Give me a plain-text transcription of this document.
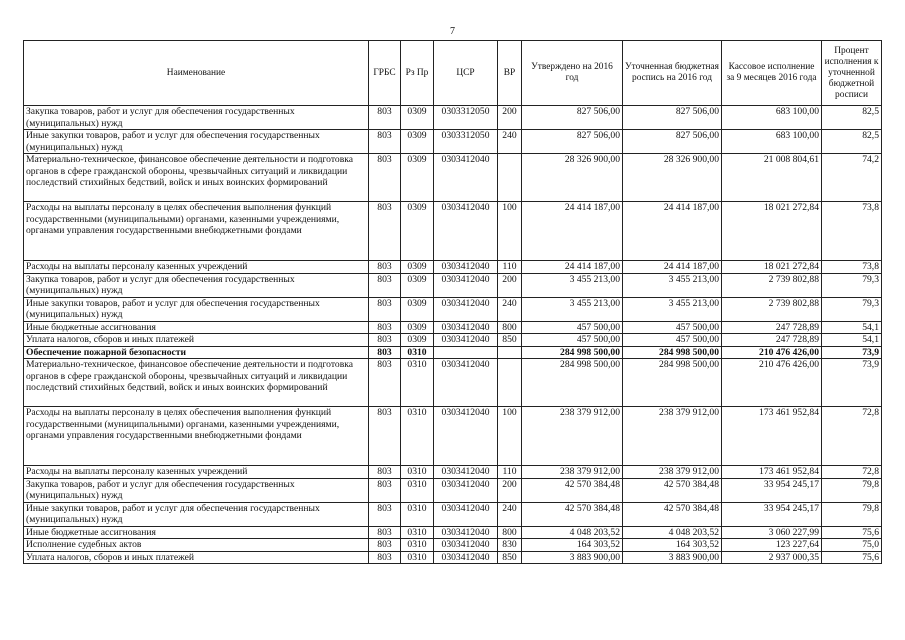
7
Наименование	ГРБС	Рз Пр	ЦСР	ВР	Утверждено на 2016 год	Уточненная бюджетная роспись на 2016 год	Кассовое исполнение за 9 месяцев 2016 года	Процент исполнения к уточненной бюджетной росписи
Закупка товаров, работ и услуг для обеспечения государственных (муниципальных) нужд	803	0309	0303312050	200	827 506,00	827 506,00	683 100,00	82,5
Иные закупки товаров, работ и услуг для обеспечения государственных (муниципальных) нужд	803	0309	0303312050	240	827 506,00	827 506,00	683 100,00	82,5
Материально-техническое, финансовое обеспечение деятельности и подготовка органов в сфере гражданской обороны, чрезвычайных ситуаций и ликвидации последствий стихийных бедствий, войск и иных воинских формирований	803	0309	0303412040		28 326 900,00	28 326 900,00	21 008 804,61	74,2
Расходы на выплаты персоналу в целях обеспечения выполнения функций государственными (муниципальными) органами, казенными учреждениями, органами управления государственными внебюджетными фондами	803	0309	0303412040	100	24 414 187,00	24 414 187,00	18 021 272,84	73,8
Расходы на выплаты персоналу казенных учреждений	803	0309	0303412040	110	24 414 187,00	24 414 187,00	18 021 272,84	73,8
Закупка товаров, работ и услуг для обеспечения государственных (муниципальных) нужд	803	0309	0303412040	200	3 455 213,00	3 455 213,00	2 739 802,88	79,3
Иные закупки товаров, работ и услуг для обеспечения государственных (муниципальных) нужд	803	0309	0303412040	240	3 455 213,00	3 455 213,00	2 739 802,88	79,3
Иные бюджетные ассигнования	803	0309	0303412040	800	457 500,00	457 500,00	247 728,89	54,1
Уплата налогов, сборов и иных платежей	803	0309	0303412040	850	457 500,00	457 500,00	247 728,89	54,1
Обеспечение пожарной безопасности	803	0310			284 998 500,00	284 998 500,00	210 476 426,00	73,9
Материально-техническое, финансовое обеспечение деятельности и подготовка органов в сфере гражданской обороны, чрезвычайных ситуаций и ликвидации последствий стихийных бедствий, войск и иных воинских формирований	803	0310	0303412040		284 998 500,00	284 998 500,00	210 476 426,00	73,9
Расходы на выплаты персоналу в целях обеспечения выполнения функций государственными (муниципальными) органами, казенными учреждениями, органами управления государственными внебюджетными фондами	803	0310	0303412040	100	238 379 912,00	238 379 912,00	173 461 952,84	72,8
Расходы на выплаты персоналу казенных учреждений	803	0310	0303412040	110	238 379 912,00	238 379 912,00	173 461 952,84	72,8
Закупка товаров, работ и услуг для обеспечения государственных (муниципальных) нужд	803	0310	0303412040	200	42 570 384,48	42 570 384,48	33 954 245,17	79,8
Иные закупки товаров, работ и услуг для обеспечения государственных (муниципальных) нужд	803	0310	0303412040	240	42 570 384,48	42 570 384,48	33 954 245,17	79,8
Иные бюджетные ассигнования	803	0310	0303412040	800	4 048 203,52	4 048 203,52	3 060 227,99	75,6
Исполнение судебных актов	803	0310	0303412040	830	164 303,52	164 303,52	123 227,64	75,0
Уплата налогов, сборов и иных платежей	803	0310	0303412040	850	3 883 900,00	3 883 900,00	2 937 000,35	75,6
